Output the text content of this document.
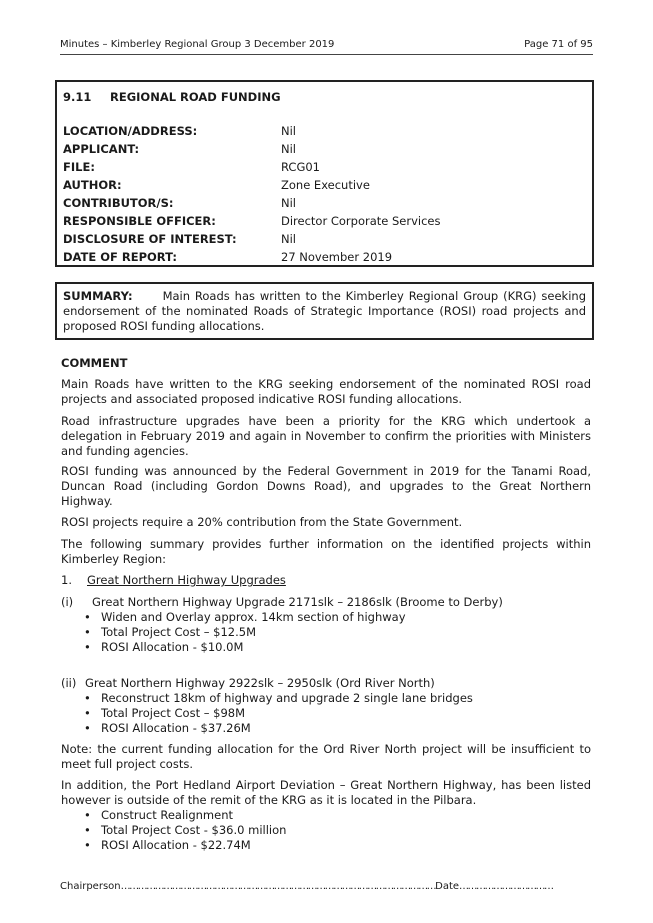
Minutes – Kimberley Regional Group 3 December 2019	Page 71 of 95
9.11 REGIONAL ROAD FUNDING
LOCATION/ADDRESS:	Nil
APPLICANT:	Nil
FILE:	RCG01
AUTHOR:	Zone Executive
CONTRIBUTOR/S:	Nil
RESPONSIBLE OFFICER:	Director Corporate Services
DISCLOSURE OF INTEREST:	Nil
DATE OF REPORT:	27 November 2019
SUMMARY:	Main Roads has written to the Kimberley Regional Group (KRG) seeking endorsement of the nominated Roads of Strategic Importance (ROSI) road projects and proposed ROSI funding allocations.
COMMENT
Main Roads have written to the KRG seeking endorsement of the nominated ROSI road projects and associated proposed indicative ROSI funding allocations.
Road infrastructure upgrades have been a priority for the KRG which undertook a delegation in February 2019 and again in November to confirm the priorities with Ministers and funding agencies.
ROSI funding was announced by the Federal Government in 2019 for the Tanami Road, Duncan Road (including Gordon Downs Road), and upgrades to the Great Northern Highway.
ROSI projects require a 20% contribution from the State Government.
The following summary provides further information on the identified projects within Kimberley Region:
1. Great Northern Highway Upgrades
(i) Great Northern Highway Upgrade 2171slk – 2186slk (Broome to Derby)
• Widen and Overlay approx. 14km section of highway
• Total Project Cost – $12.5M
• ROSI Allocation - $10.0M
(ii) Great Northern Highway 2922slk – 2950slk (Ord River North)
• Reconstruct 18km of highway and upgrade 2 single lane bridges
• Total Project Cost – $98M
• ROSI Allocation - $37.26M
Note: the current funding allocation for the Ord River North project will be insufficient to meet full project costs.
In addition, the Port Hedland Airport Deviation – Great Northern Highway, has been listed however is outside of the remit of the KRG as it is located in the Pilbara.
• Construct Realignment
• Total Project Cost - $36.0 million
• ROSI Allocation - $22.74M
Chairperson…………………………………………………………………………………………………Date……………………………
